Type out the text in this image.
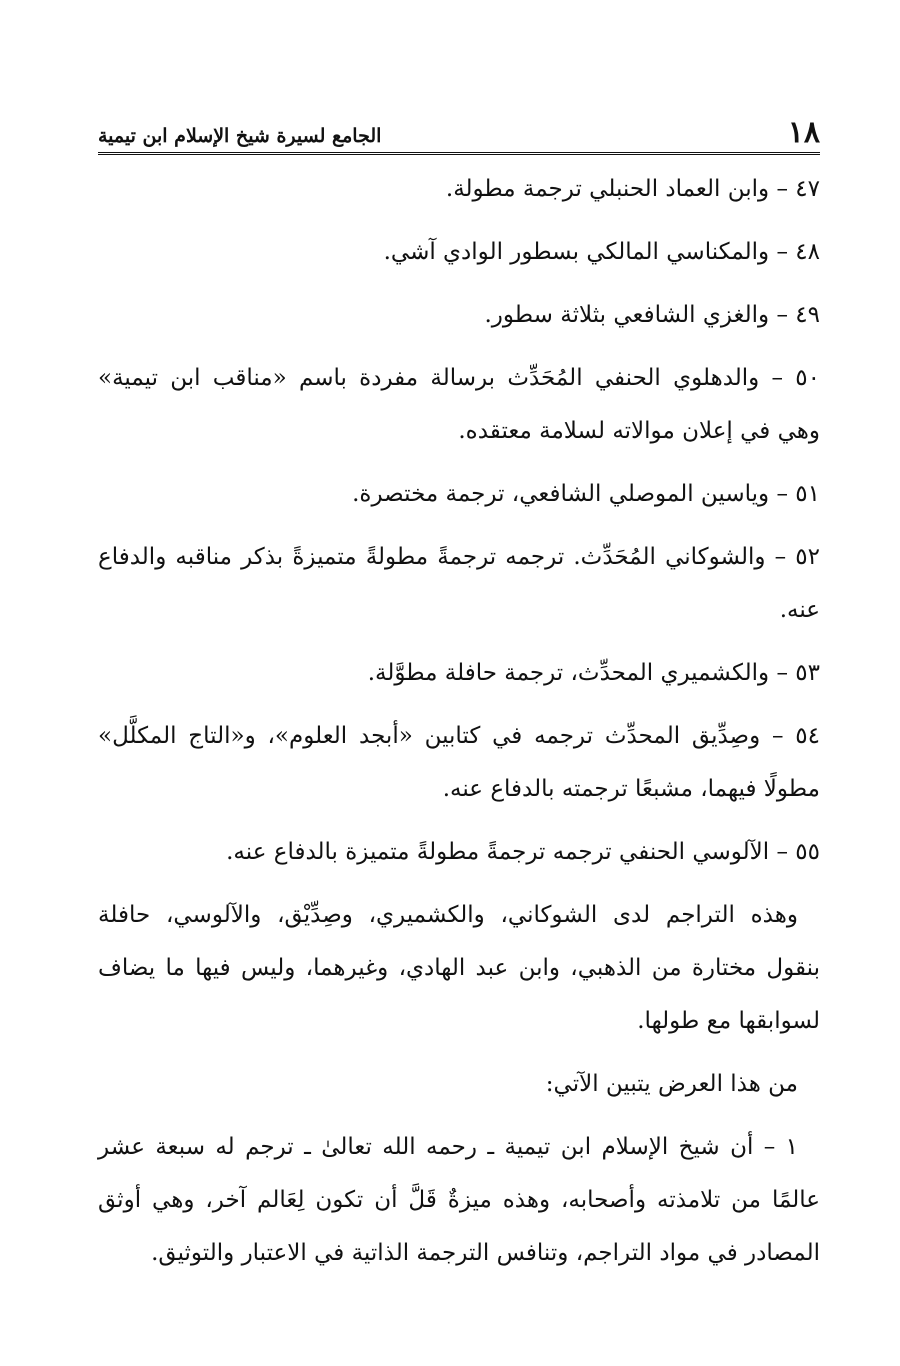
١٨
الجامع لسيرة شيخ الإسلام ابن تيمية

٤٧ – وابن العماد الحنبلي ترجمة مطولة.

٤٨ – والمكناسي المالكي بسطور الوادي آشي.

٤٩ – والغزي الشافعي بثلاثة سطور.

٥٠ – والدهلوي الحنفي المُحَدِّث برسالة مفردة باسم «مناقب ابن تيمية» وهي في إعلان موالاته لسلامة معتقده.

٥١ – وياسين الموصلي الشافعي، ترجمة مختصرة.

٥٢ – والشوكاني المُحَدِّث. ترجمه ترجمةً مطولةً متميزةً بذكر مناقبه والدفاع عنه.

٥٣ – والكشميري المحدِّث، ترجمة حافلة مطوَّلة.

٥٤ – وصِدِّيق المحدِّث ترجمه في كتابين «أبجد العلوم»، و«التاج المكلَّل» مطولًا فيهما، مشبعًا ترجمته بالدفاع عنه.

٥٥ – الآلوسي الحنفي ترجمه ترجمةً مطولةً متميزة بالدفاع عنه.

وهذه التراجم لدى الشوكاني، والكشميري، وصِدِّيْق، والآلوسي، حافلة بنقول مختارة من الذهبي، وابن عبد الهادي، وغيرهما، وليس فيها ما يضاف لسوابقها مع طولها.

من هذا العرض يتبين الآتي:

١ – أن شيخ الإسلام ابن تيمية ـ رحمه الله تعالىٰ ـ ترجم له سبعة عشر عالمًا من تلامذته وأصحابه، وهذه ميزةٌ قَلَّ أن تكون لِعَالم آخر، وهي أوثق المصادر في مواد التراجم، وتنافس الترجمة الذاتية في الاعتبار والتوثيق.
